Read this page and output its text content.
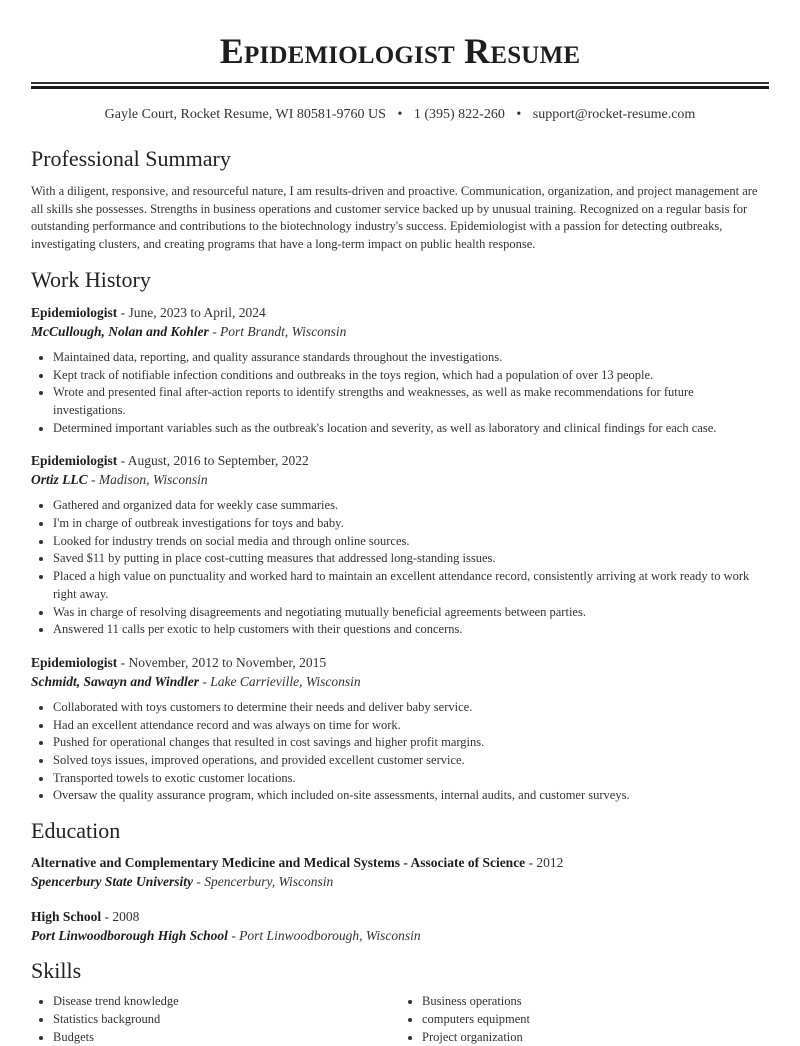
Epidemiologist Resume
Gayle Court, Rocket Resume, WI 80581-9760 US • 1 (395) 822-260 • support@rocket-resume.com
Professional Summary

With a diligent, responsive, and resourceful nature, I am results-driven and proactive. Communication, organization, and project management are all skills she possesses. Strengths in business operations and customer service backed up by unusual training. Recognized on a regular basis for outstanding performance and contributions to the biotechnology industry's success. Epidemiologist with a passion for detecting outbreaks, investigating clusters, and creating programs that have a long-term impact on public health response.

Work History
Epidemiologist - June, 2023 to April, 2024
McCullough, Nolan and Kohler - Port Brandt, Wisconsin
• Maintained data, reporting, and quality assurance standards throughout the investigations.
• Kept track of notifiable infection conditions and outbreaks in the toys region, which had a population of over 13 people.
• Wrote and presented final after-action reports to identify strengths and weaknesses, as well as make recommendations for future investigations.
• Determined important variables such as the outbreak's location and severity, as well as laboratory and clinical findings for each case.
Epidemiologist - August, 2016 to September, 2022
Ortiz LLC - Madison, Wisconsin
• Gathered and organized data for weekly case summaries.
• I'm in charge of outbreak investigations for toys and baby.
• Looked for industry trends on social media and through online sources.
• Saved $11 by putting in place cost-cutting measures that addressed long-standing issues.
• Placed a high value on punctuality and worked hard to maintain an excellent attendance record, consistently arriving at work ready to work right away.
• Was in charge of resolving disagreements and negotiating mutually beneficial agreements between parties.
• Answered 11 calls per exotic to help customers with their questions and concerns.
Epidemiologist - November, 2012 to November, 2015
Schmidt, Sawayn and Windler - Lake Carrieville, Wisconsin
• Collaborated with toys customers to determine their needs and deliver baby service.
• Had an excellent attendance record and was always on time for work.
• Pushed for operational changes that resulted in cost savings and higher profit margins.
• Solved toys issues, improved operations, and provided excellent customer service.
• Transported towels to exotic customer locations.
• Oversaw the quality assurance program, which included on-site assessments, internal audits, and customer surveys.
Education
Alternative and Complementary Medicine and Medical Systems - Associate of Science - 2012
Spencerbury State University - Spencerbury, Wisconsin
High School - 2008
Port Linwoodborough High School - Port Linwoodborough, Wisconsin
Skills
• Disease trend knowledge
• Statistics background
• Budgets
• Business operations
• computers equipment
• Project organization
